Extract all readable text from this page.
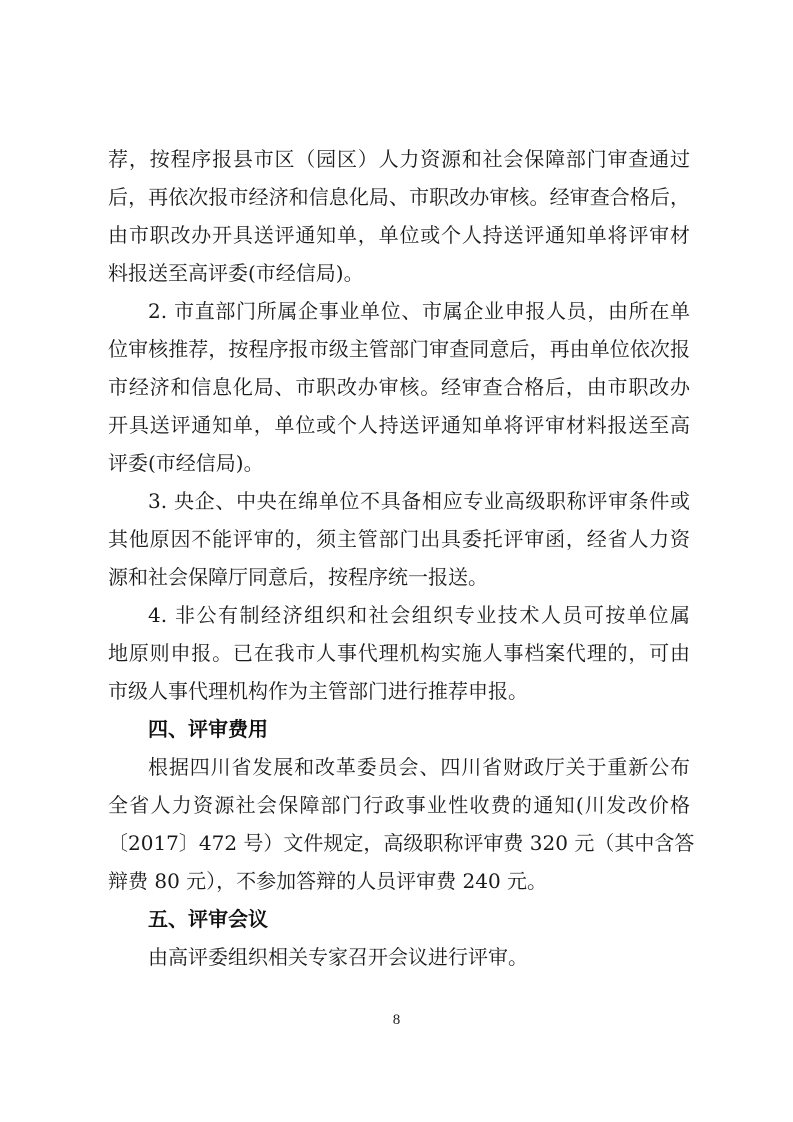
荐，按程序报县市区（园区）人力资源和社会保障部门审查通过
后，再依次报市经济和信息化局、市职改办审核。经审查合格后，
由市职改办开具送评通知单，单位或个人持送评通知单将评审材
料报送至高评委(市经信局)。
2. 市直部门所属企事业单位、市属企业申报人员，由所在单
位审核推荐，按程序报市级主管部门审查同意后，再由单位依次报
市经济和信息化局、市职改办审核。经审查合格后，由市职改办
开具送评通知单，单位或个人持送评通知单将评审材料报送至高
评委(市经信局)。
3. 央企、中央在绵单位不具备相应专业高级职称评审条件或
其他原因不能评审的，须主管部门出具委托评审函，经省人力资
源和社会保障厅同意后，按程序统一报送。
4. 非公有制经济组织和社会组织专业技术人员可按单位属
地原则申报。已在我市人事代理机构实施人事档案代理的，可由
市级人事代理机构作为主管部门进行推荐申报。
四、评审费用
根据四川省发展和改革委员会、四川省财政厅关于重新公布
全省人力资源社会保障部门行政事业性收费的通知(川发改价格
〔2017〕472 号）文件规定，高级职称评审费 320 元（其中含答
辩费 80 元），不参加答辩的人员评审费 240 元。
五、评审会议
由高评委组织相关专家召开会议进行评审。
8
